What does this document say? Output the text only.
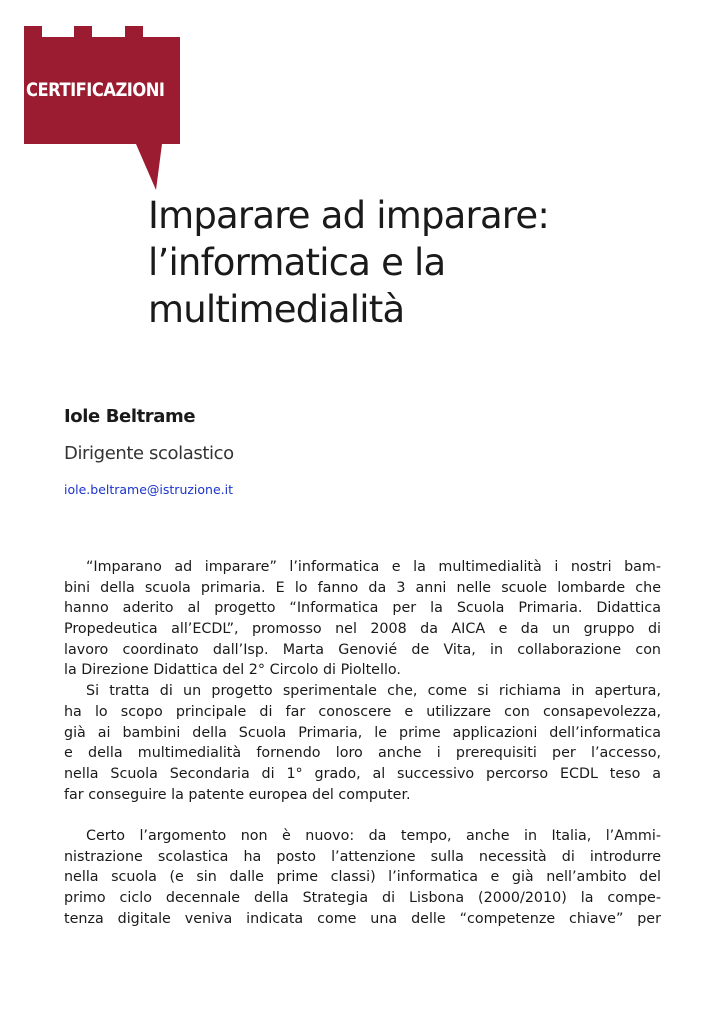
CERTIFICAZIONI
Imparare ad imparare:
l’informatica e la
multimedialità

Iole Beltrame

Dirigente scolastico

iole.beltrame@istruzione.it
“Imparano ad imparare” l’informatica e la multimedialità i nostri bam-
bini della scuola primaria. E lo fanno da 3 anni nelle scuole lombarde che
hanno aderito al progetto “Informatica per la Scuola Primaria. Didattica
Propedeutica all’ECDL”, promosso nel 2008 da AICA e da un gruppo di
lavoro coordinato dall’Isp. Marta Genovié de Vita, in collaborazione con
la Direzione Didattica del 2° Circolo di Pioltello.
Si tratta di un progetto sperimentale che, come si richiama in apertura,
ha lo scopo principale di far conoscere e utilizzare con consapevolezza,
già ai bambini della Scuola Primaria, le prime applicazioni dell’informatica
e della multimedialità fornendo loro anche i prerequisiti per l’accesso,
nella Scuola Secondaria di 1° grado, al successivo percorso ECDL teso a
far conseguire la patente europea del computer.
Certo l’argomento non è nuovo: da tempo, anche in Italia, l’Ammi-
nistrazione scolastica ha posto l’attenzione sulla necessità di introdurre
nella scuola (e sin dalle prime classi) l’informatica e già nell’ambito del
primo ciclo decennale della Strategia di Lisbona (2000/2010) la compe-
tenza digitale veniva indicata come una delle “competenze chiave” per
